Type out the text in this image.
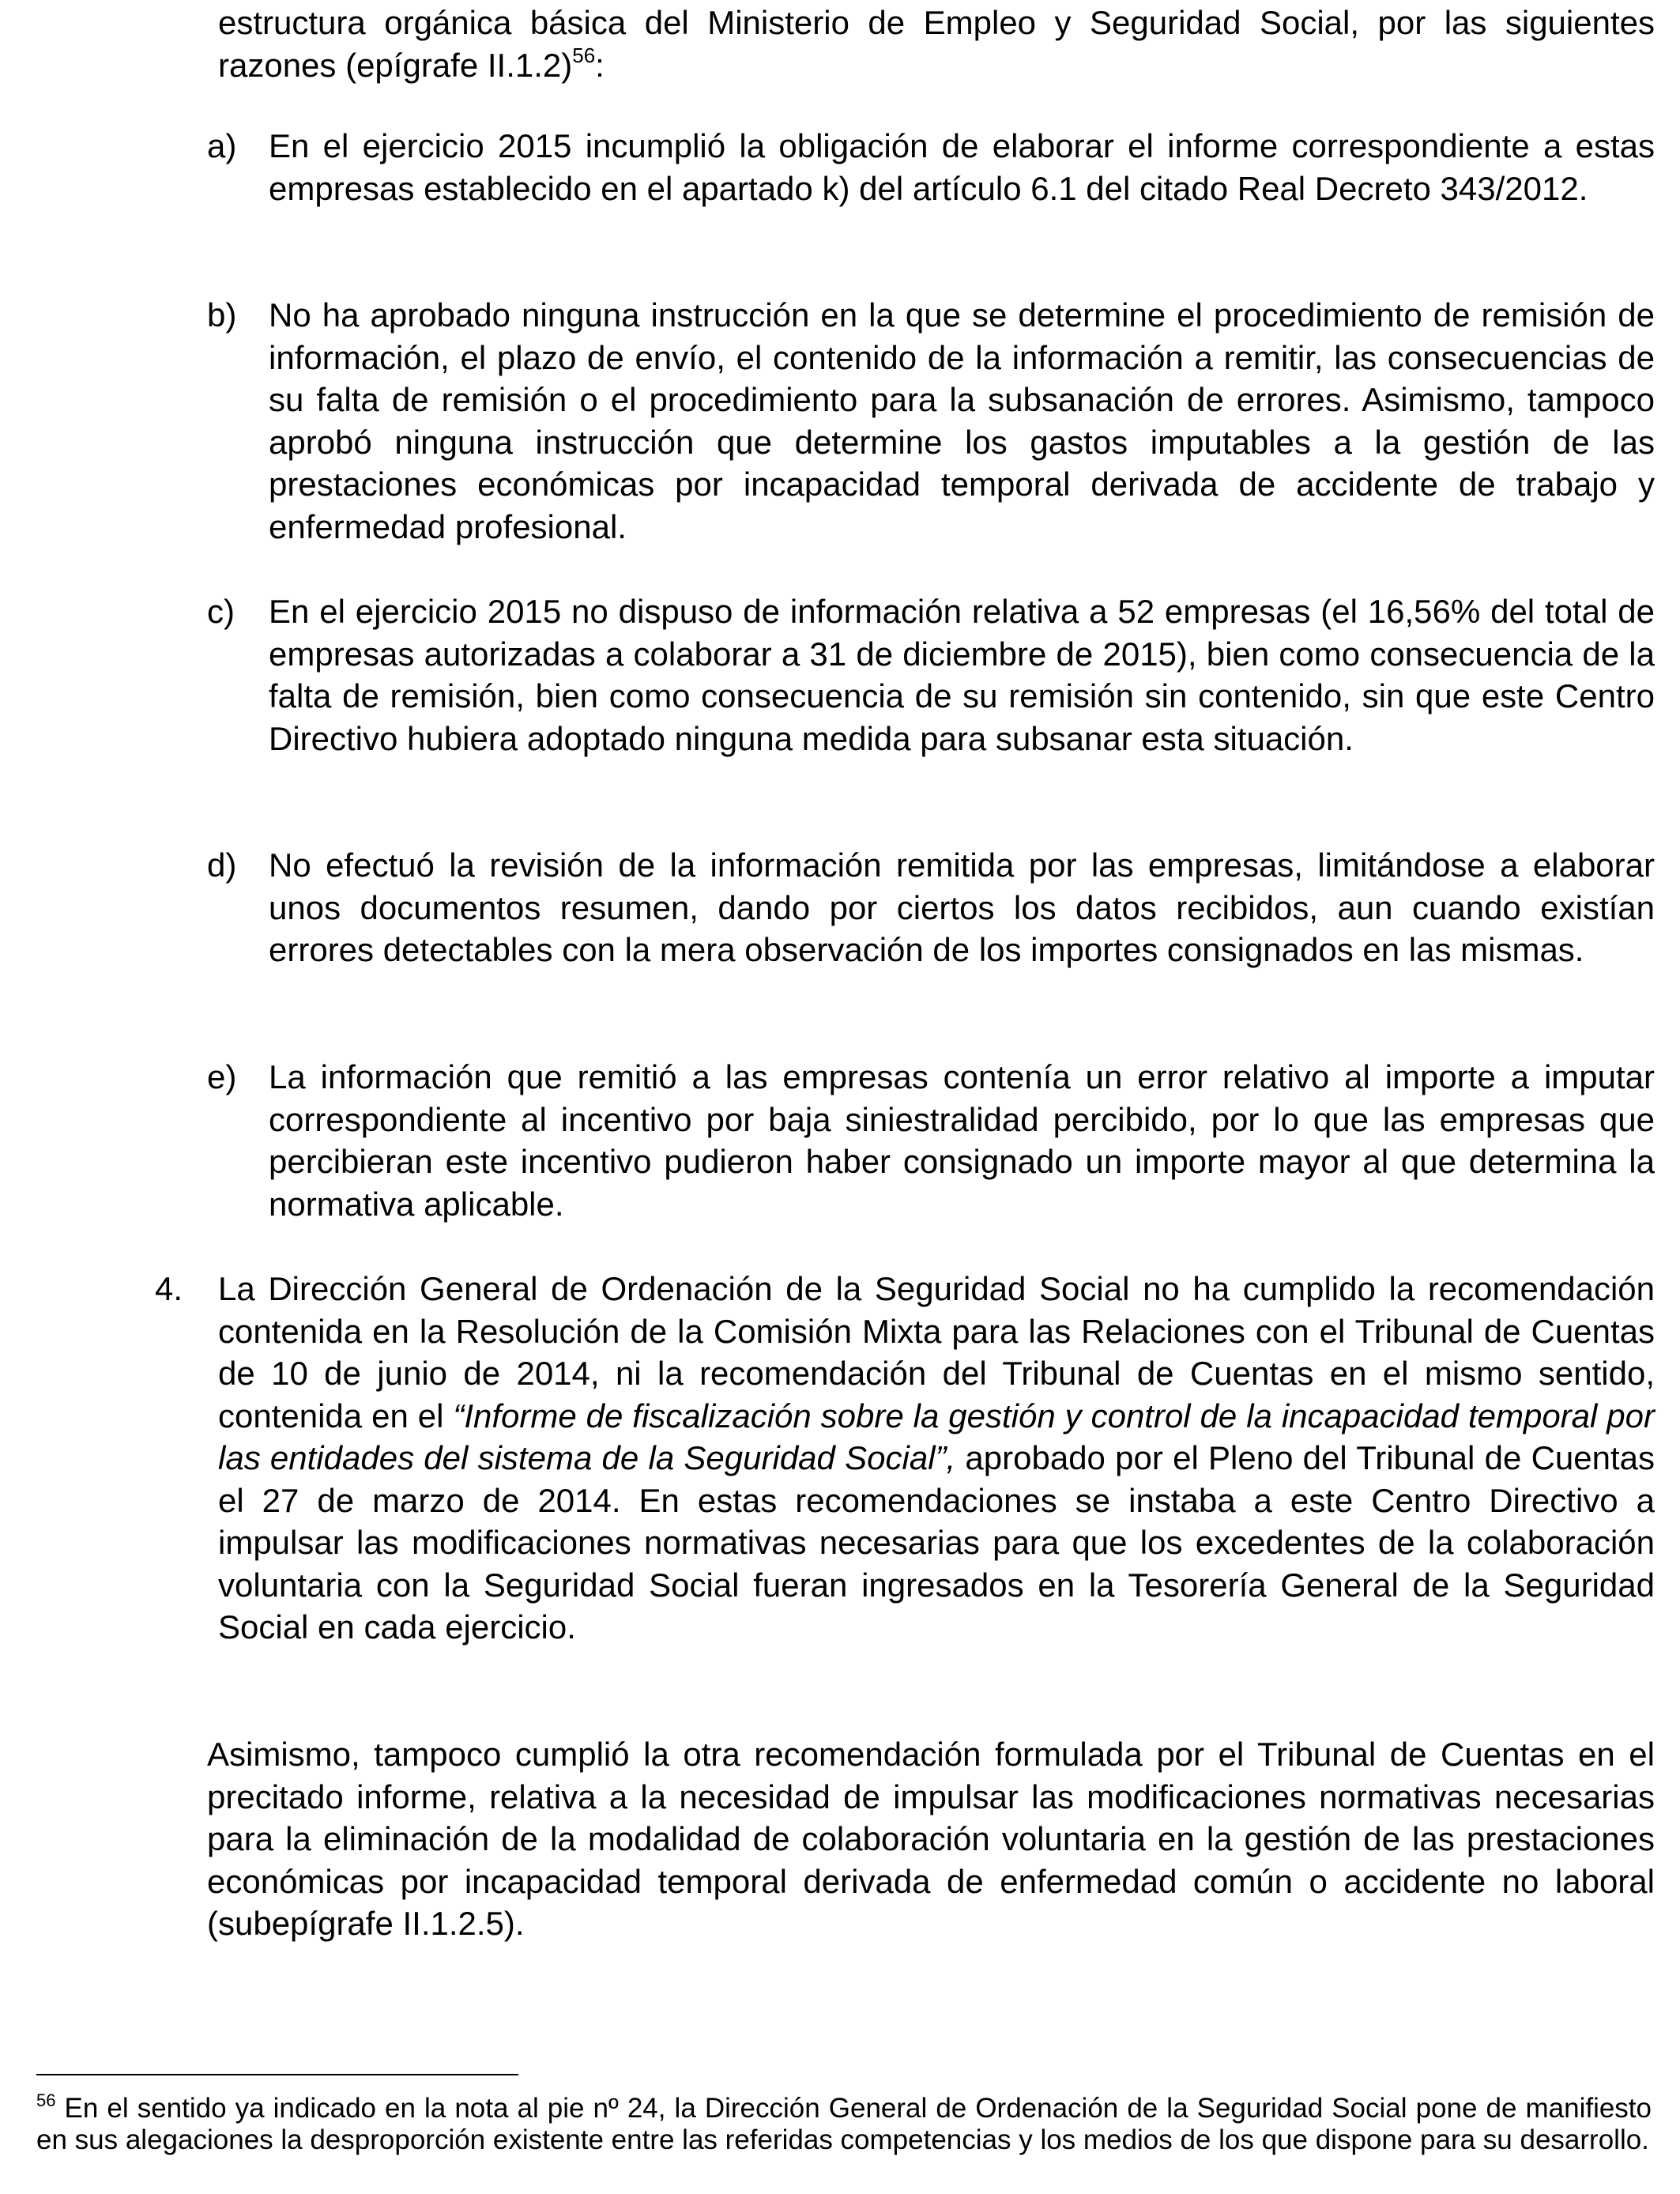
estructura orgánica básica del Ministerio de Empleo y Seguridad Social, por las siguientes razones (epígrafe II.1.2)$^{56}$:

a) En el ejercicio 2015 incumplió la obligación de elaborar el informe correspondiente a estas empresas establecido en el apartado k) del artículo 6.1 del citado Real Decreto 343/2012.

b) No ha aprobado ninguna instrucción en la que se determine el procedimiento de remisión de información, el plazo de envío, el contenido de la información a remitir, las consecuencias de su falta de remisión o el procedimiento para la subsanación de errores. Asimismo, tampoco aprobó ninguna instrucción que determine los gastos imputables a la gestión de las prestaciones económicas por incapacidad temporal derivada de accidente de trabajo y enfermedad profesional.

c) En el ejercicio 2015 no dispuso de información relativa a 52 empresas (el 16,56% del total de empresas autorizadas a colaborar a 31 de diciembre de 2015), bien como consecuencia de la falta de remisión, bien como consecuencia de su remisión sin contenido, sin que este Centro Directivo hubiera adoptado ninguna medida para subsanar esta situación.

d) No efectuó la revisión de la información remitida por las empresas, limitándose a elaborar unos documentos resumen, dando por ciertos los datos recibidos, aun cuando existían errores detectables con la mera observación de los importes consignados en las mismas.

e) La información que remitió a las empresas contenía un error relativo al importe a imputar correspondiente al incentivo por baja siniestralidad percibido, por lo que las empresas que percibieran este incentivo pudieron haber consignado un importe mayor al que determina la normativa aplicable.

4. La Dirección General de Ordenación de la Seguridad Social no ha cumplido la recomendación contenida en la Resolución de la Comisión Mixta para las Relaciones con el Tribunal de Cuentas de 10 de junio de 2014, ni la recomendación del Tribunal de Cuentas en el mismo sentido, contenida en el “Informe de fiscalización sobre la gestión y control de la incapacidad temporal por las entidades del sistema de la Seguridad Social”, aprobado por el Pleno del Tribunal de Cuentas el 27 de marzo de 2014. En estas recomendaciones se instaba a este Centro Directivo a impulsar las modificaciones normativas necesarias para que los excedentes de la colaboración voluntaria con la Seguridad Social fueran ingresados en la Tesorería General de la Seguridad Social en cada ejercicio.

Asimismo, tampoco cumplió la otra recomendación formulada por el Tribunal de Cuentas en el precitado informe, relativa a la necesidad de impulsar las modificaciones normativas necesarias para la eliminación de la modalidad de colaboración voluntaria en la gestión de las prestaciones económicas por incapacidad temporal derivada de enfermedad común o accidente no laboral (subepígrafe II.1.2.5).

$^{56}$ En el sentido ya indicado en la nota al pie nº 24, la Dirección General de Ordenación de la Seguridad Social pone de manifiesto en sus alegaciones la desproporción existente entre las referidas competencias y los medios de los que dispone para su desarrollo.
